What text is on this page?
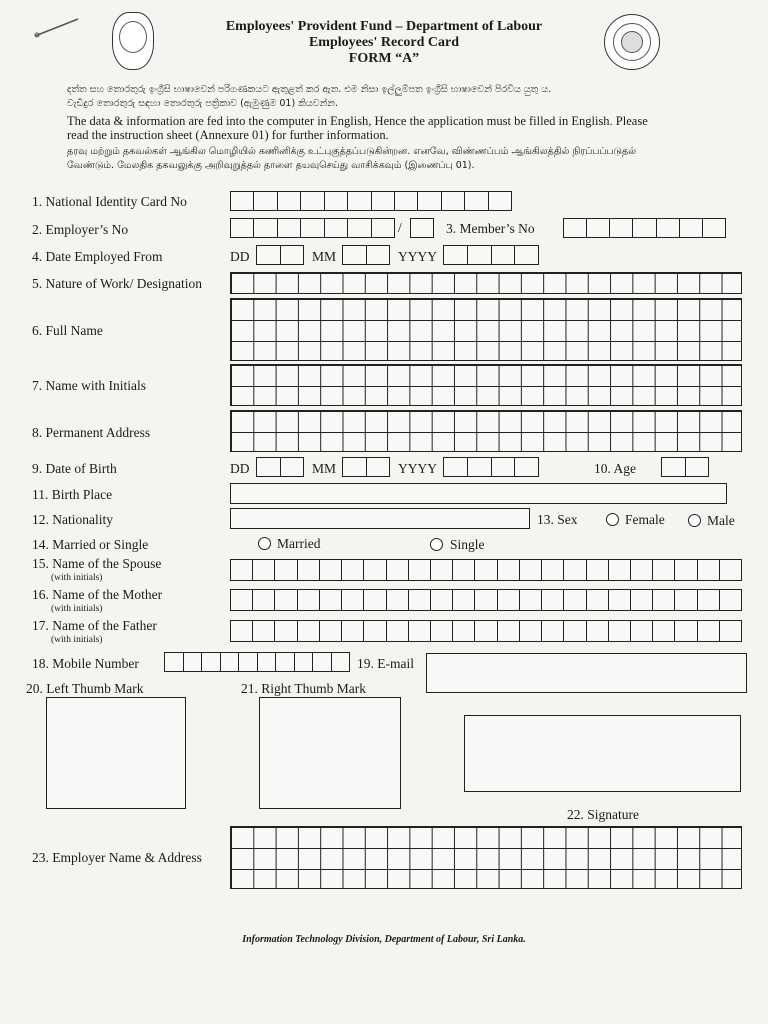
Employees' Provident Fund – Department of Labour
Employees' Record Card
FORM “A”
දත්ත සහ තොරතුරු ඉංග්‍රීසි භාෂාවෙන් පරිගණකයට ඇතුළත් කර ඇත. එම නිසා ඉල්ලුම්පත ඉංග්‍රීසි භාෂාවෙන් පිරවිය යුතු ය.
වැඩිදුර තොරතුරු සඳහා තොරතුරු පත්‍රිකාව (ඇමුණුම 01) කියවන්න.
The data & information are fed into the computer in English, Hence the application must be filled in English. Please
read the instruction sheet (Annexure 01) for further information.
தரவு மற்றும் தகவல்கள் ஆங்கில மொழியில் கணினிக்கு உட்புகுத்தப்படுகின்றன. எனவே, விண்ணப்பம் ஆங்கிலத்தில் நிரப்பப்படுதல்
வேண்டும். மேலதிக தகவலுக்கு அறிவுறுத்தல் தாளை தயவுசெய்து வாசிக்கவும் (இணைப்பு 01).
1. National Identity Card No
2. Employer’s No	/	3. Member’s No
4. Date Employed From	DD	MM	YYYY
5. Nature of Work/ Designation
6. Full Name
7. Name with Initials
8. Permanent Address
9. Date of Birth	DD	MM	YYYY	10. Age
11. Birth Place
12. Nationality	13. Sex	Female	Male
14. Married or Single	Married	Single
15. Name of the Spouse
(with initials)
16. Name of the Mother
(with initials)
17. Name of the Father
(with initials)
18. Mobile Number	19. E-mail
20. Left Thumb Mark	21. Right Thumb Mark
22. Signature
23. Employer Name & Address
Information Technology Division, Department of Labour, Sri Lanka.
